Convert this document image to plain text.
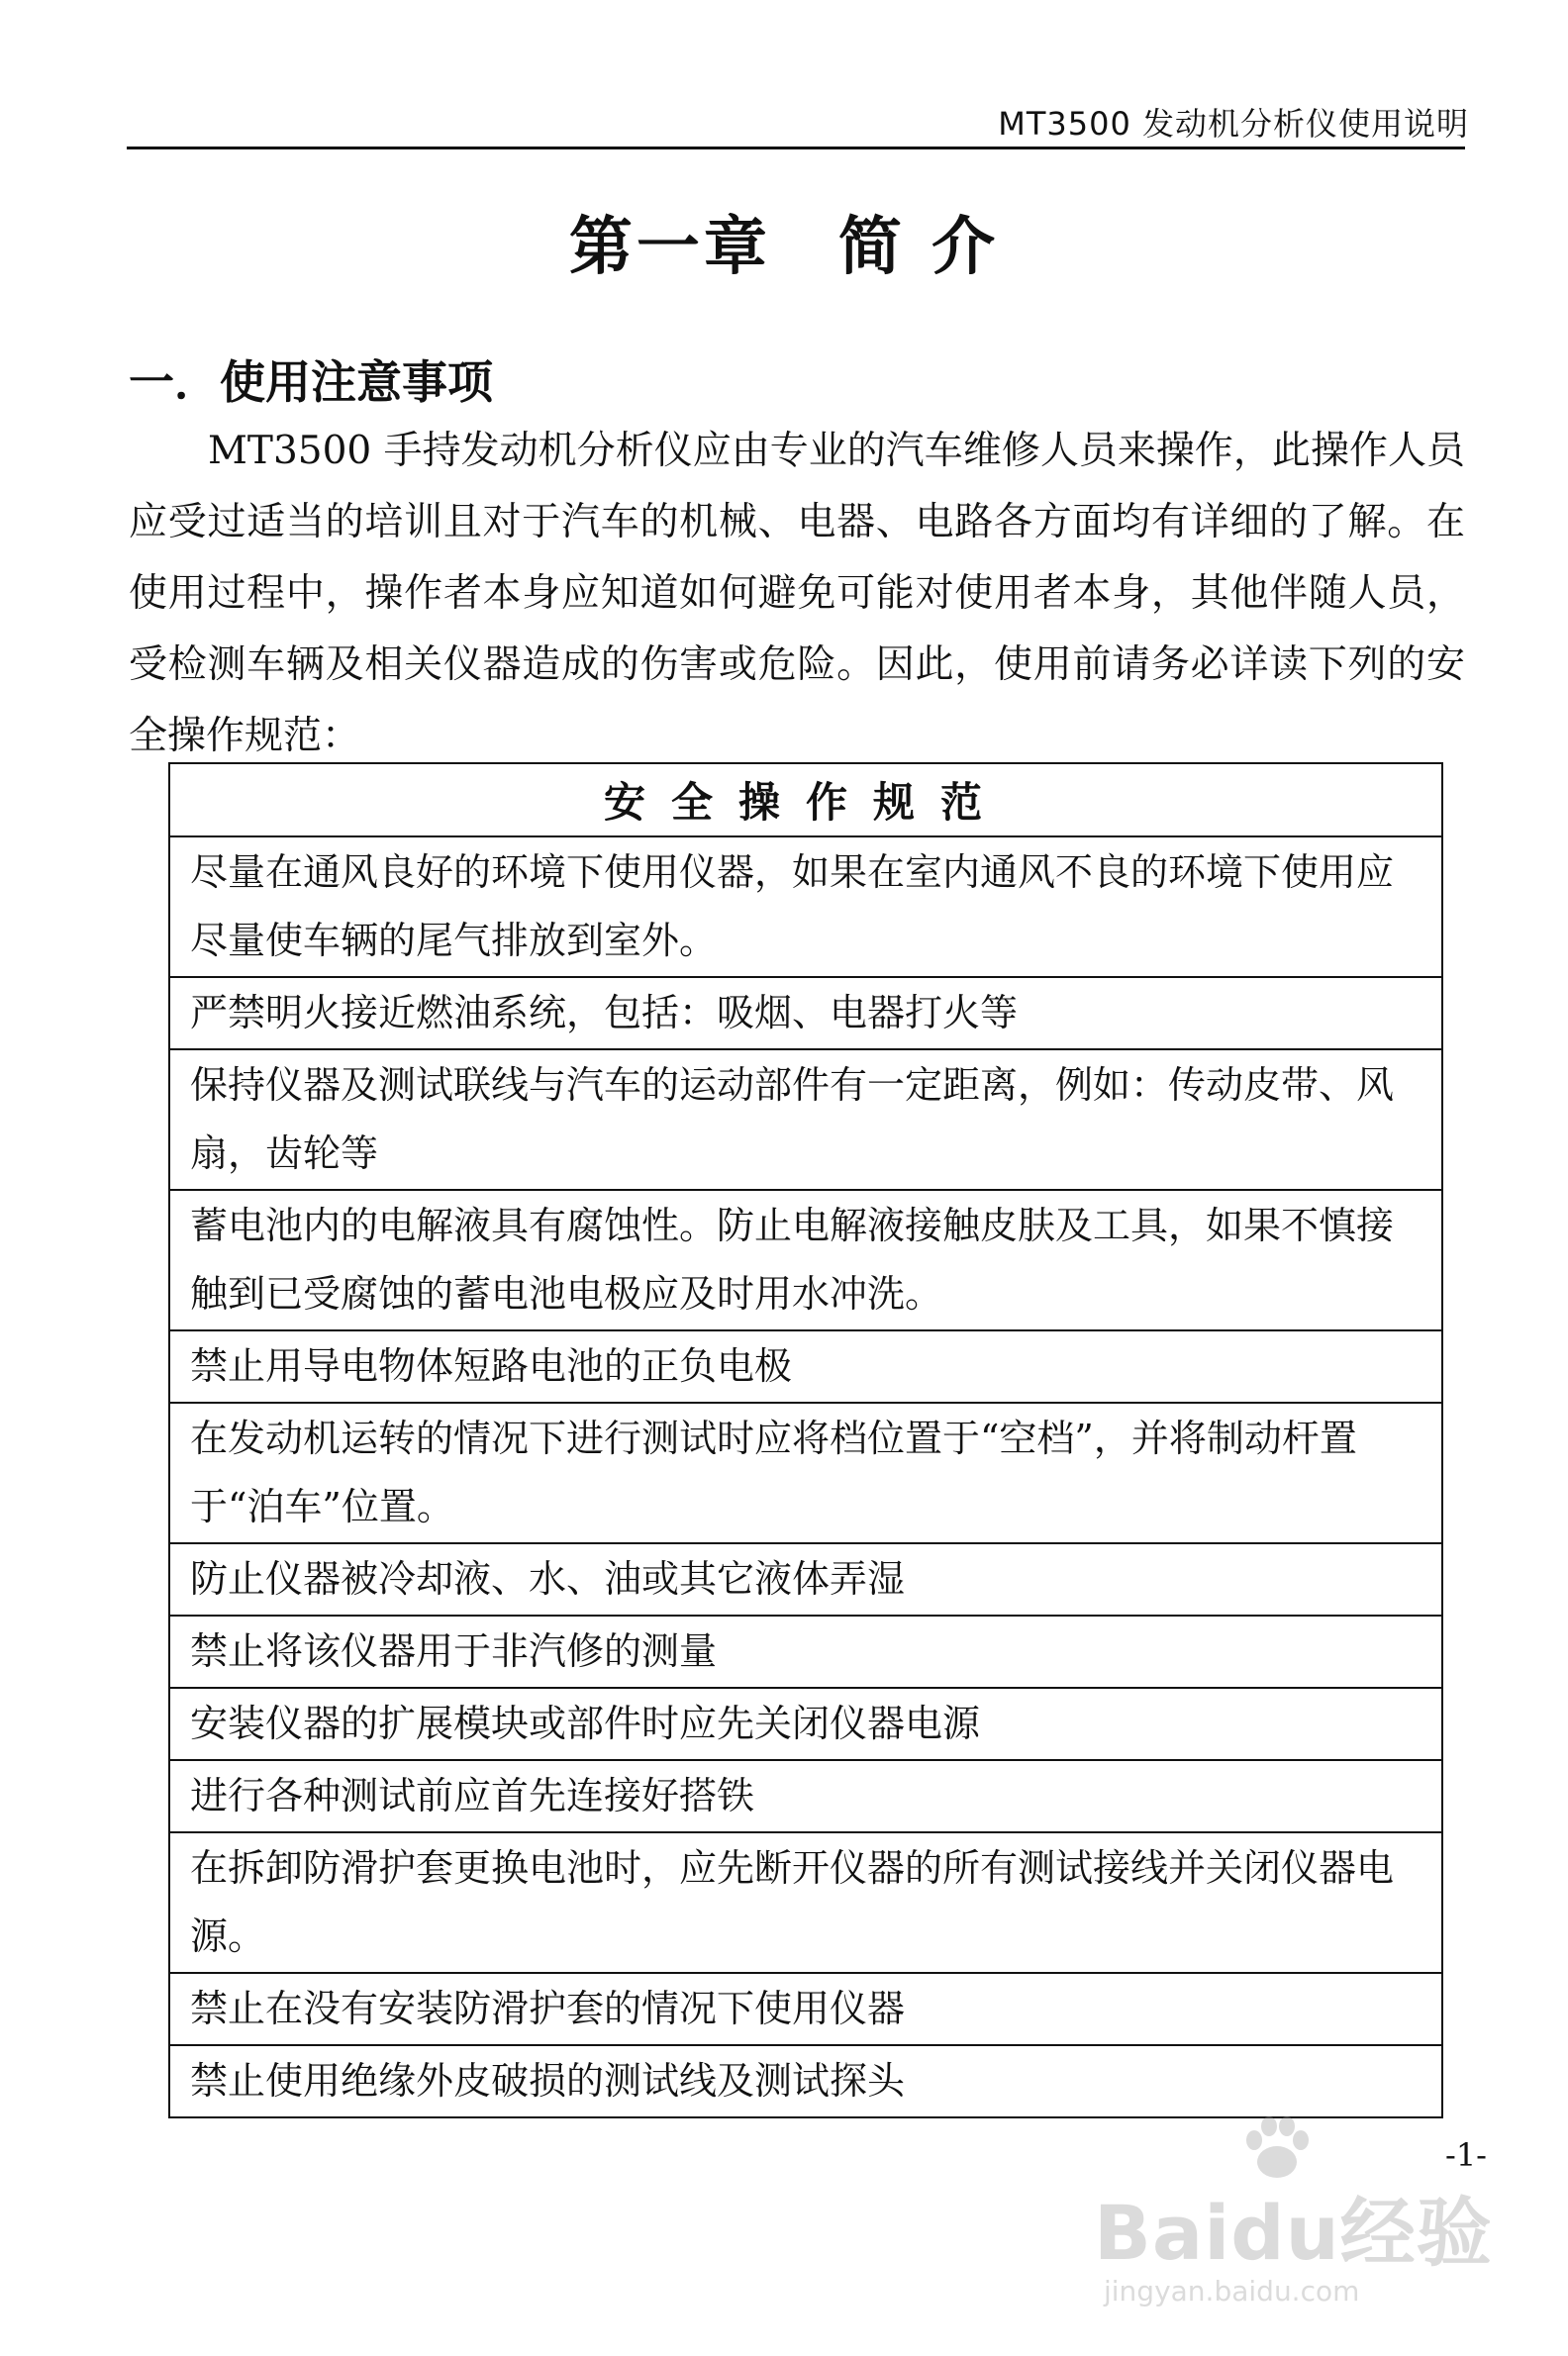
MT3500 发动机分析仪使用说明
第一章　简 介
一．使用注意事项

MT3500 手持发动机分析仪应由专业的汽车维修人员来操作，此操作人员应受过适当的培训且对于汽车的机械、电器、电路各方面均有详细的了解。在使用过程中，操作者本身应知道如何避免可能对使用者本身，其他伴随人员，受检测车辆及相关仪器造成的伤害或危险。因此，使用前请务必详读下列的安全操作规范：

安全操作规范
尽量在通风良好的环境下使用仪器，如果在室内通风不良的环境下使用应尽量使车辆的尾气排放到室外。
严禁明火接近燃油系统，包括：吸烟、电器打火等
保持仪器及测试联线与汽车的运动部件有一定距离，例如：传动皮带、风扇，齿轮等
蓄电池内的电解液具有腐蚀性。防止电解液接触皮肤及工具，如果不慎接触到已受腐蚀的蓄电池电极应及时用水冲洗。
禁止用导电物体短路电池的正负电极
在发动机运转的情况下进行测试时应将档位置于“空档”，并将制动杆置于“泊车”位置。
防止仪器被冷却液、水、油或其它液体弄湿
禁止将该仪器用于非汽修的测量
安装仪器的扩展模块或部件时应先关闭仪器电源
进行各种测试前应首先连接好搭铁
在拆卸防滑护套更换电池时，应先断开仪器的所有测试接线并关闭仪器电源。
禁止在没有安装防滑护套的情况下使用仪器
禁止使用绝缘外皮破损的测试线及测试探头
Baidu经验
jingyan.baidu.com
-1-
